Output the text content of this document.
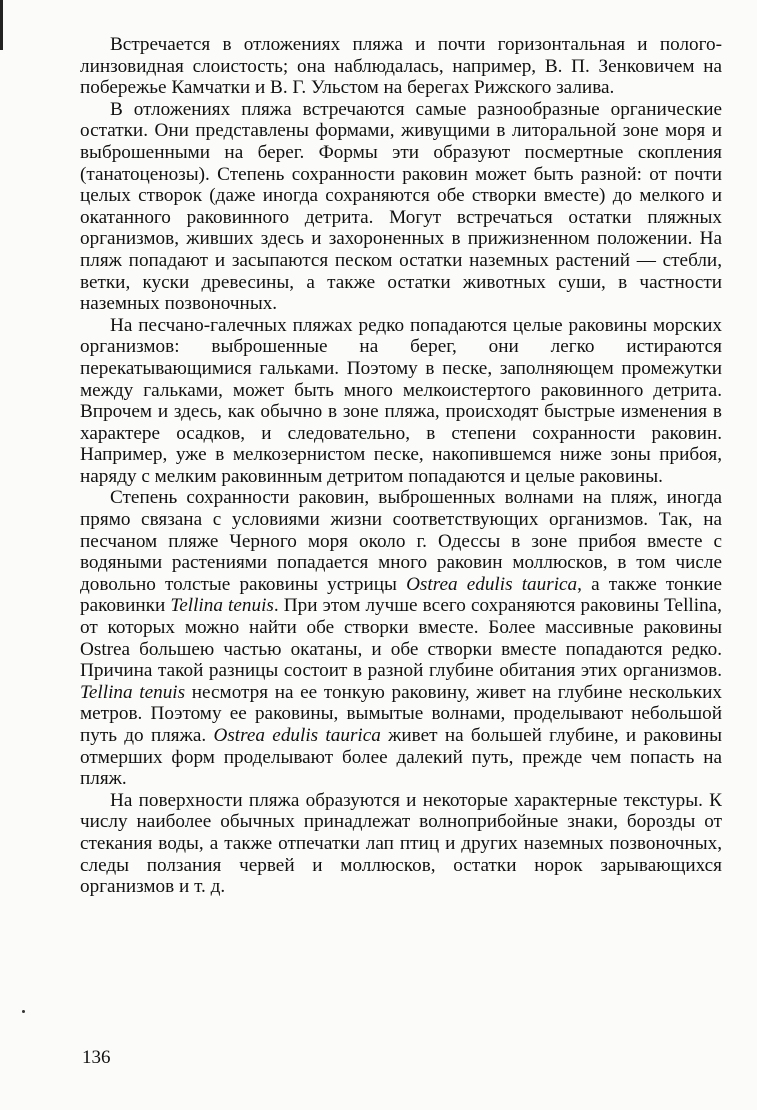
Встречается в отложениях пляжа и почти горизонтальная и полого-линзовидная слоистость; она наблюдалась, например, В. П. Зенковичем на побережье Камчатки и В. Г. Ульстом на берегах Рижского залива.

В отложениях пляжа встречаются самые разнообразные органические остатки. Они представлены формами, живущими в литоральной зоне моря и выброшенными на берег. Формы эти образуют посмертные скопления (танатоценозы). Степень сохранности раковин может быть разной: от почти целых створок (даже иногда сохраняются обе створки вместе) до мелкого и окатанного раковинного детрита. Могут встречаться остатки пляжных организмов, живших здесь и захороненных в прижизненном положении. На пляж попадают и засыпаются песком остатки наземных растений — стебли, ветки, куски древесины, а также остатки животных суши, в частности наземных позвоночных.

На песчано-галечных пляжах редко попадаются целые раковины морских организмов: выброшенные на берег, они легко истираются перекатывающимися гальками. Поэтому в песке, заполняющем промежутки между гальками, может быть много мелкоистертого раковинного детрита. Впрочем и здесь, как обычно в зоне пляжа, происходят быстрые изменения в характере осадков, и следовательно, в степени сохранности раковин. Например, уже в мелкозернистом песке, накопившемся ниже зоны прибоя, наряду с мелким раковинным детритом попадаются и целые раковины.

Степень сохранности раковин, выброшенных волнами на пляж, иногда прямо связана с условиями жизни соответствующих организмов. Так, на песчаном пляже Черного моря около г. Одессы в зоне прибоя вместе с водяными растениями попадается много раковин моллюсков, в том числе довольно толстые раковины устрицы Ostrea edulis taurica, а также тонкие раковинки Tellina tenuis. При этом лучше всего сохраняются раковины Tellina, от которых можно найти обе створки вместе. Более массивные раковины Ostrea большею частью окатаны, и обе створки вместе попадаются редко. Причина такой разницы состоит в разной глубине обитания этих организмов. Tellina tenuis несмотря на ее тонкую раковину, живет на глубине нескольких метров. Поэтому ее раковины, вымытые волнами, проделывают небольшой путь до пляжа. Ostrea edulis taurica живет на большей глубине, и раковины отмерших форм проделывают более далекий путь, прежде чем попасть на пляж.

На поверхности пляжа образуются и некоторые характерные текстуры. К числу наиболее обычных принадлежат волноприбойные знаки, борозды от стекания воды, а также отпечатки лап птиц и других наземных позвоночных, следы ползания червей и моллюсков, остатки норок зарывающихся организмов и т. д.

136
